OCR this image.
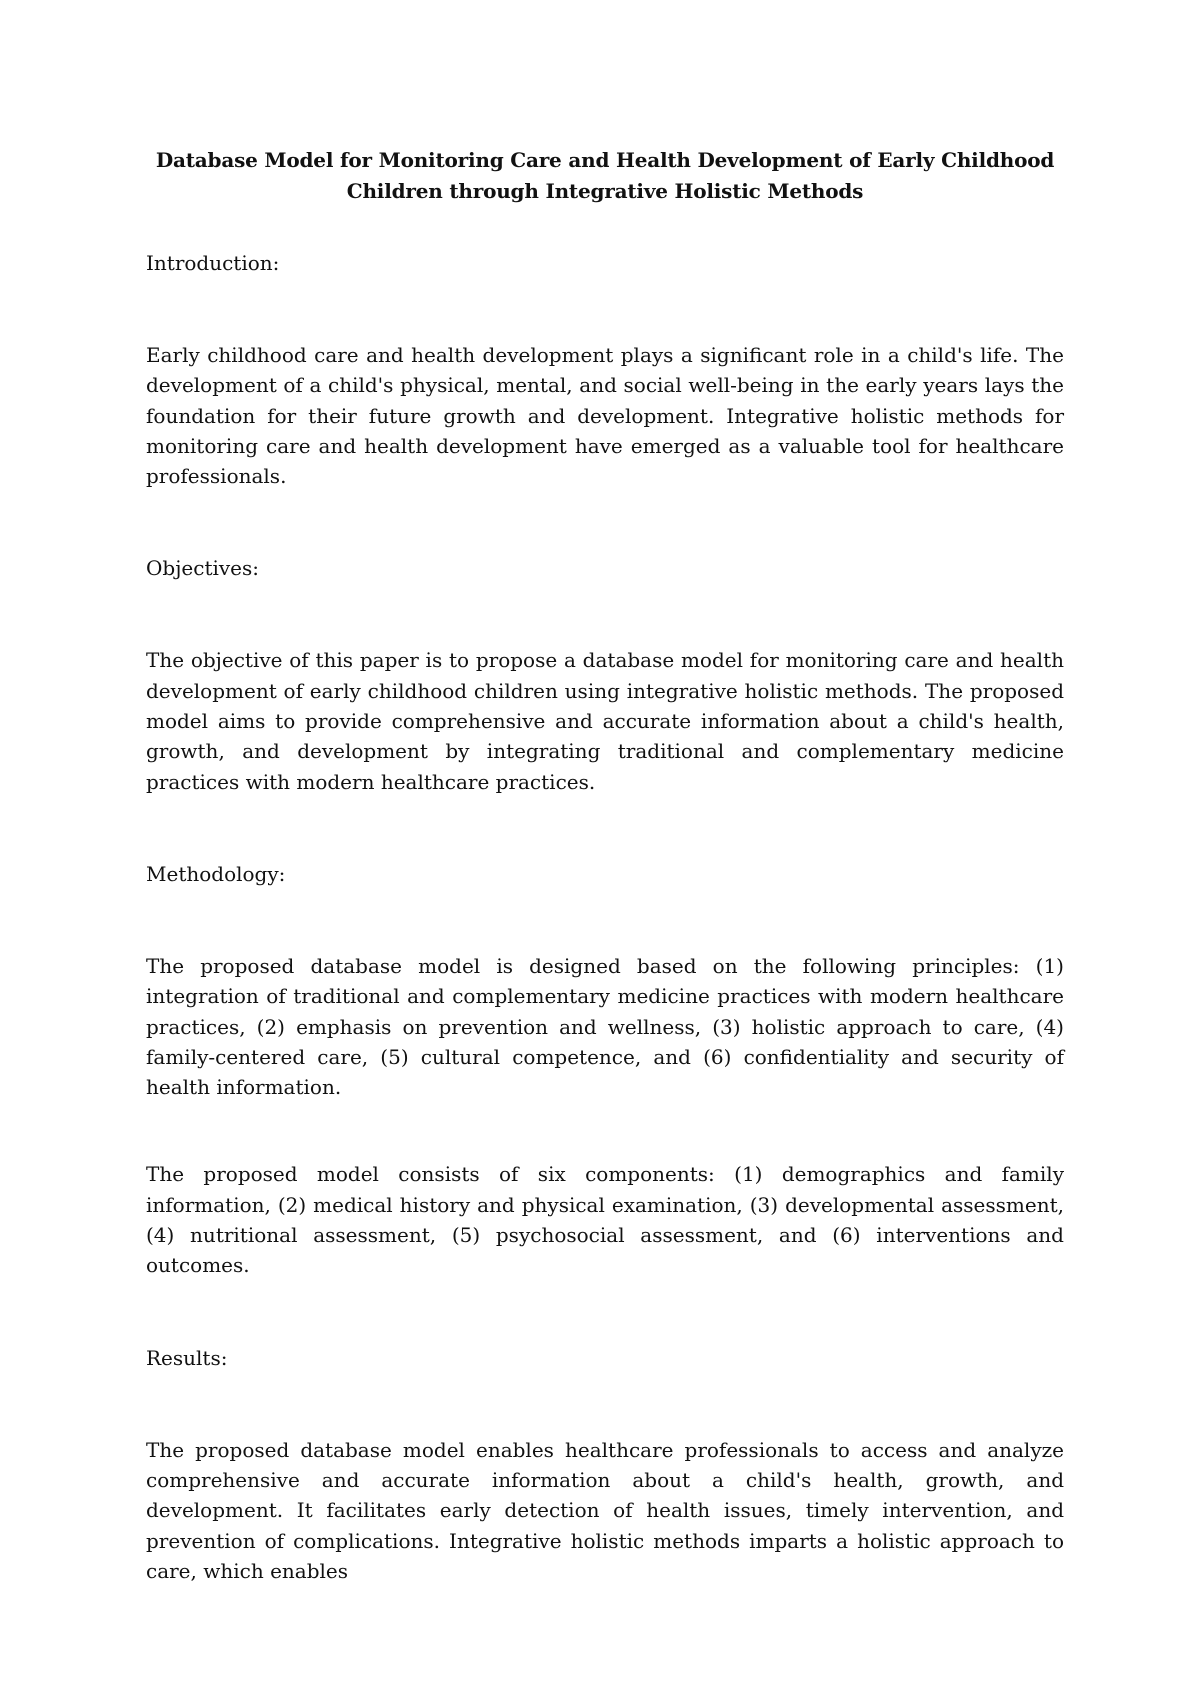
Database Model for Monitoring Care and Health Development of Early Childhood Children through Integrative Holistic Methods
Introduction:

Early childhood care and health development plays a significant role in a child's life. The development of a child's physical, mental, and social well-being in the early years lays the foundation for their future growth and development. Integrative holistic methods for monitoring care and health development have emerged as a valuable tool for healthcare professionals.

Objectives:

The objective of this paper is to propose a database model for monitoring care and health development of early childhood children using integrative holistic methods. The proposed model aims to provide comprehensive and accurate information about a child's health, growth, and development by integrating traditional and complementary medicine practices with modern healthcare practices.

Methodology:

The proposed database model is designed based on the following principles: (1) integration of traditional and complementary medicine practices with modern healthcare practices, (2) emphasis on prevention and wellness, (3) holistic approach to care, (4) family-centered care, (5) cultural competence, and (6) confidentiality and security of health information.

The proposed model consists of six components: (1) demographics and family information, (2) medical history and physical examination, (3) developmental assessment, (4) nutritional assessment, (5) psychosocial assessment, and (6) interventions and outcomes.

Results:

The proposed database model enables healthcare professionals to access and analyze comprehensive and accurate information about a child's health, growth, and development. It facilitates early detection of health issues, timely intervention, and prevention of complications. Integrative holistic methods imparts a holistic approach to care, which enables
